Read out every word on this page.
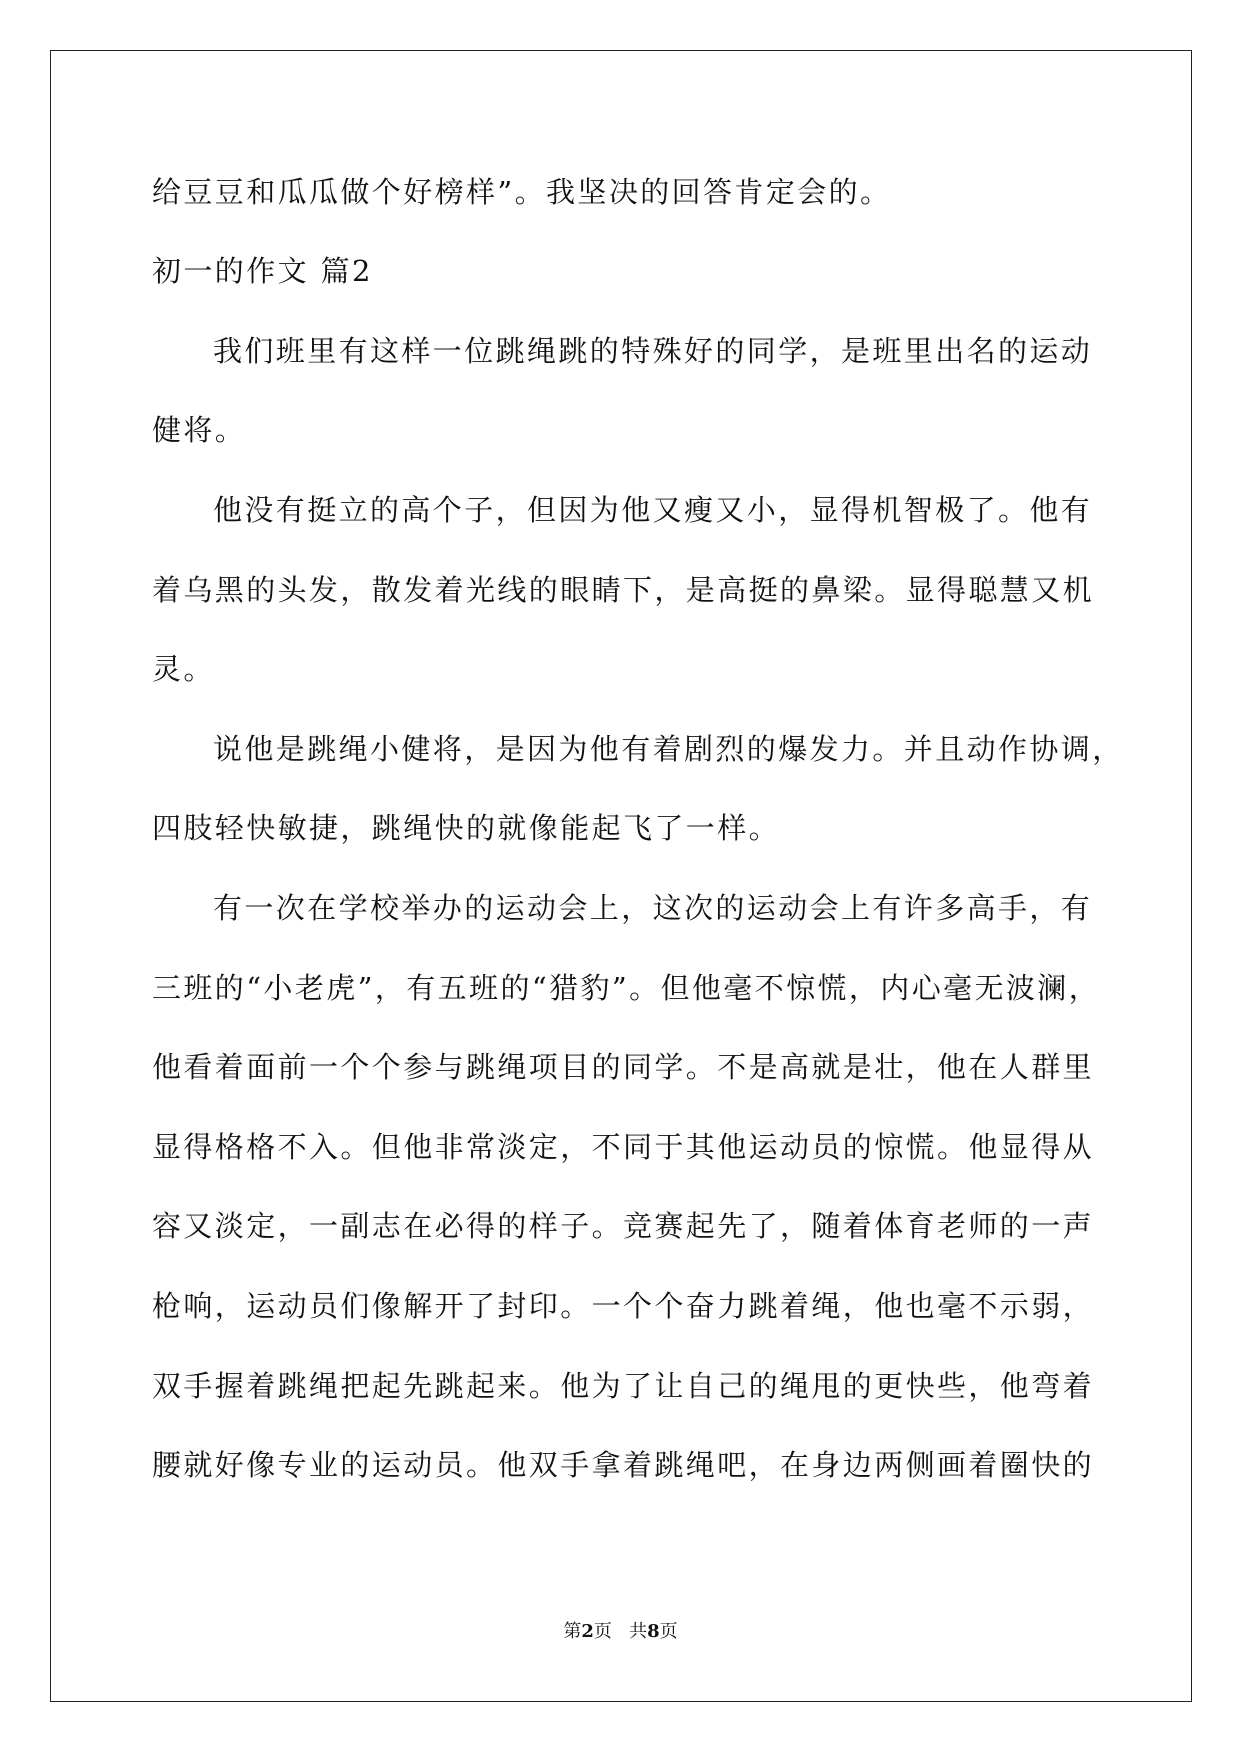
给豆豆和瓜瓜做个好榜样”。我坚决的回答肯定会的。
初一的作文 篇2
我们班里有这样一位跳绳跳的特殊好的同学，是班里出名的运动
健将。
他没有挺立的高个子，但因为他又瘦又小，显得机智极了。他有
着乌黑的头发，散发着光线的眼睛下，是高挺的鼻梁。显得聪慧又机
灵。
说他是跳绳小健将，是因为他有着剧烈的爆发力。并且动作协调，
四肢轻快敏捷，跳绳快的就像能起飞了一样。
有一次在学校举办的运动会上，这次的运动会上有许多高手，有
三班的“小老虎”，有五班的“猎豹”。但他毫不惊慌，内心毫无波澜，
他看着面前一个个参与跳绳项目的同学。不是高就是壮，他在人群里
显得格格不入。但他非常淡定，不同于其他运动员的惊慌。他显得从
容又淡定，一副志在必得的样子。竞赛起先了，随着体育老师的一声
枪响，运动员们像解开了封印。一个个奋力跳着绳，他也毫不示弱，
双手握着跳绳把起先跳起来。他为了让自己的绳甩的更快些，他弯着
腰就好像专业的运动员。他双手拿着跳绳吧，在身边两侧画着圈快的
第2页 共8页
